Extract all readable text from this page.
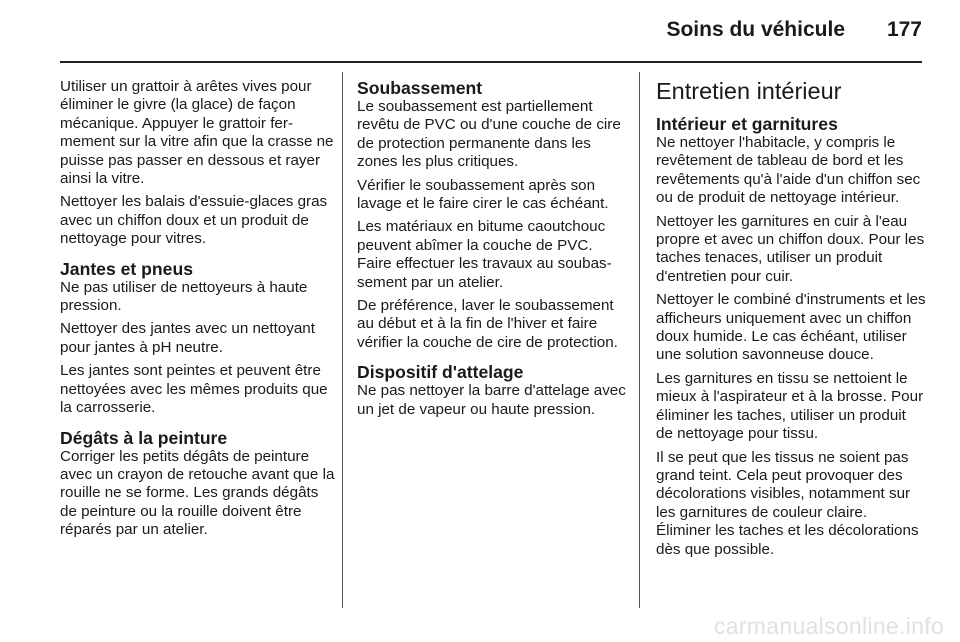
Soins du véhicule 177

Utiliser un grattoir à arêtes vives pour éliminer le givre (la glace) de façon mécanique. Appuyer le grattoir fermement sur la vitre afin que la crasse ne puisse pas passer en dessous et rayer ainsi la vitre.

Nettoyer les balais d'essuie-glaces gras avec un chiffon doux et un produit de nettoyage pour vitres.

Jantes et pneus

Ne pas utiliser de nettoyeurs à haute pression.

Nettoyer des jantes avec un nettoyant pour jantes à pH neutre.

Les jantes sont peintes et peuvent être nettoyées avec les mêmes produits que la carrosserie.

Dégâts à la peinture

Corriger les petits dégâts de peinture avec un crayon de retouche avant que la rouille ne se forme. Les grands dégâts de peinture ou la rouille doivent être réparés par un atelier.

Soubassement

Le soubassement est partiellement revêtu de PVC ou d'une couche de cire de protection permanente dans les zones les plus critiques.

Vérifier le soubassement après son lavage et le faire cirer le cas échéant.

Les matériaux en bitume caoutchouc peuvent abîmer la couche de PVC. Faire effectuer les travaux au soubassement par un atelier.

De préférence, laver le soubassement au début et à la fin de l'hiver et faire vérifier la couche de cire de protection.

Dispositif d'attelage

Ne pas nettoyer la barre d'attelage avec un jet de vapeur ou haute pression.

Entretien intérieur
Intérieur et garnitures

Ne nettoyer l'habitacle, y compris le revêtement de tableau de bord et les revêtements qu'à l'aide d'un chiffon sec ou de produit de nettoyage intérieur.

Nettoyer les garnitures en cuir à l'eau propre et avec un chiffon doux. Pour les taches tenaces, utiliser un produit d'entretien pour cuir.

Nettoyer le combiné d'instruments et les afficheurs uniquement avec un chiffon doux humide. Le cas échéant, utiliser une solution savonneuse douce.

Les garnitures en tissu se nettoient le mieux à l'aspirateur et à la brosse. Pour éliminer les taches, utiliser un produit de nettoyage pour tissu.

Il se peut que les tissus ne soient pas grand teint. Cela peut provoquer des décolorations visibles, notamment sur les garnitures de couleur claire. Éliminer les taches et les décolorations dès que possible.

carmanualsonline.info
